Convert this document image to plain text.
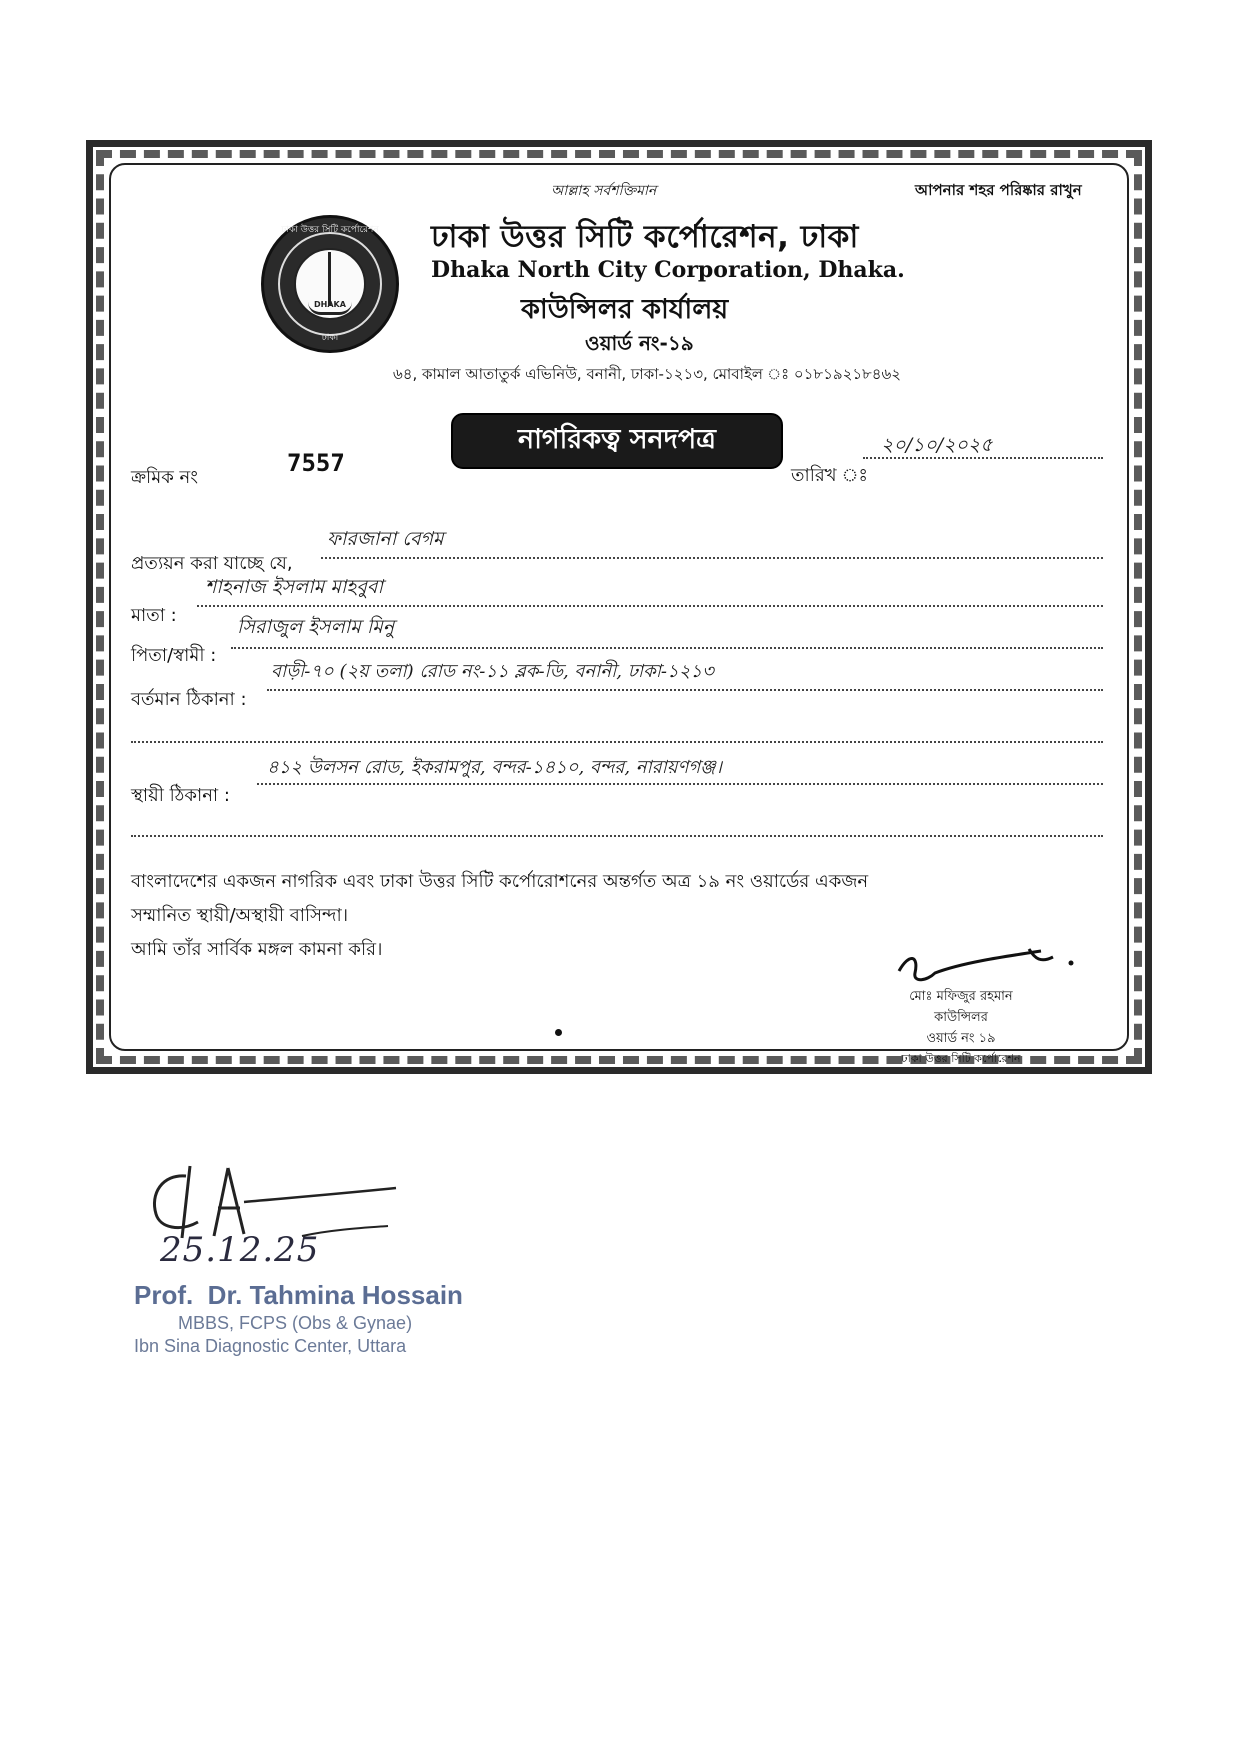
আল্লাহ সর্বশক্তিমান	আপনার শহর পরিষ্কার রাখুন
ঢাকা উত্তর সিটি কর্পোরেশন
DHAKA
ঢাকা
ঢাকা উত্তর সিটি কর্পোরেশন, ঢাকা
Dhaka North City Corporation, Dhaka.
কাউন্সিলর কার্যালয়
ওয়ার্ড নং-১৯
৬৪, কামাল আতাতুর্ক এভিনিউ, বনানী, ঢাকা-১২১৩, মোবাইল ঃ ০১৮১৯২১৮৪৬২
নাগরিকত্ব সনদপত্র
ক্রমিক নং
7557	তারিখ ঃ
২০/১০/২০২৫
প্রত্যয়ন করা যাচ্ছে যে,
ফারজানা বেগম
মাতা :
শাহনাজ ইসলাম মাহবুবা
পিতা/স্বামী :
সিরাজুল ইসলাম মিনু
বর্তমান ঠিকানা :
বাড়ী-৭০ (২য় তলা) রোড নং-১১ ব্লক-ডি, বনানী, ঢাকা-১২১৩
স্থায়ী ঠিকানা :
৪১২ উলসন রোড, ইকরামপুর, বন্দর-১৪১০, বন্দর, নারায়ণগঞ্জ।
বাংলাদেশের একজন নাগরিক এবং ঢাকা উত্তর সিটি কর্পোরোশনের অন্তর্গত অত্র ১৯ নং ওয়ার্ডের একজন
সম্মানিত স্থায়ী/অস্থায়ী বাসিন্দা।
আমি তাঁর সার্বিক মঙ্গল কামনা করি।
মোঃ মফিজুর রহমান
কাউন্সিলর
ওয়ার্ড নং ১৯
ঢাকা উত্তর সিটি কর্পোরেশন
25.12.25
Prof.  Dr. Tahmina Hossain
MBBS, FCPS (Obs & Gynae)
Ibn Sina Diagnostic Center, Uttara
